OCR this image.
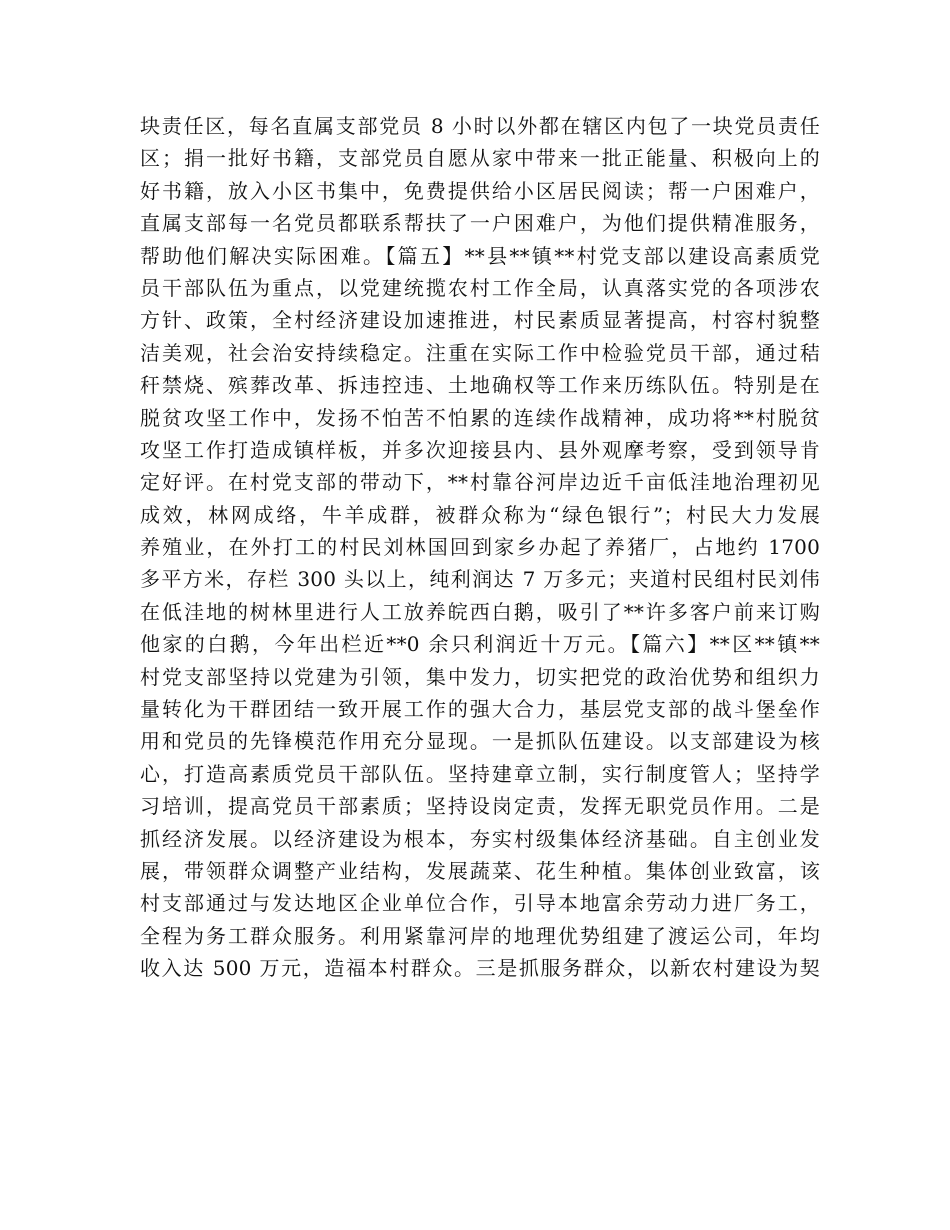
块责任区，每名直属支部党员 8 小时以外都在辖区内包了一块党员责任
区；捐一批好书籍，支部党员自愿从家中带来一批正能量、积极向上的
好书籍，放入小区书集中，免费提供给小区居民阅读；帮一户困难户，
直属支部每一名党员都联系帮扶了一户困难户，为他们提供精准服务，
帮助他们解决实际困难。【篇五】**县**镇**村党支部以建设高素质党
员干部队伍为重点，以党建统揽农村工作全局，认真落实党的各项涉农
方针、政策，全村经济建设加速推进，村民素质显著提高，村容村貌整
洁美观，社会治安持续稳定。注重在实际工作中检验党员干部，通过秸
秆禁烧、殡葬改革、拆违控违、土地确权等工作来历练队伍。特别是在
脱贫攻坚工作中，发扬不怕苦不怕累的连续作战精神，成功将**村脱贫
攻坚工作打造成镇样板，并多次迎接县内、县外观摩考察，受到领导肯
定好评。在村党支部的带动下，**村靠谷河岸边近千亩低洼地治理初见
成效，林网成络，牛羊成群，被群众称为“绿色银行”；村民大力发展
养殖业，在外打工的村民刘林国回到家乡办起了养猪厂，占地约 1700
多平方米，存栏 300 头以上，纯利润达 7 万多元；夹道村民组村民刘伟
在低洼地的树林里进行人工放养皖西白鹅，吸引了**许多客户前来订购
他家的白鹅，今年出栏近**0 余只利润近十万元。【篇六】**区**镇**
村党支部坚持以党建为引领，集中发力，切实把党的政治优势和组织力
量转化为干群团结一致开展工作的强大合力，基层党支部的战斗堡垒作
用和党员的先锋模范作用充分显现。一是抓队伍建设。以支部建设为核
心，打造高素质党员干部队伍。坚持建章立制，实行制度管人；坚持学
习培训，提高党员干部素质；坚持设岗定责，发挥无职党员作用。二是
抓经济发展。以经济建设为根本，夯实村级集体经济基础。自主创业发
展，带领群众调整产业结构，发展蔬菜、花生种植。集体创业致富，该
村支部通过与发达地区企业单位合作，引导本地富余劳动力进厂务工，
全程为务工群众服务。利用紧靠河岸的地理优势组建了渡运公司，年均
收入达 500 万元，造福本村群众。三是抓服务群众，以新农村建设为契
